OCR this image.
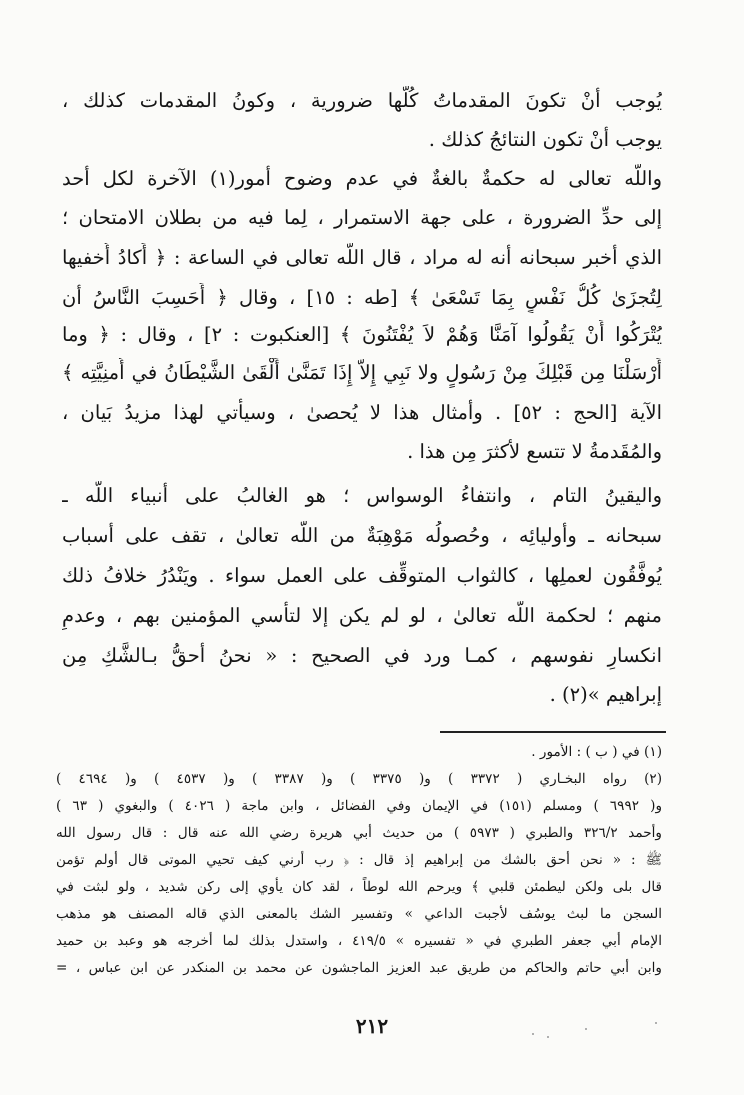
يُوجب أنْ تكونَ المقدماتُ كُلُّها ضرورية ، وكونُ المقدمات كذلك ،
يوجب أنْ تكون النتائجُ كذلك .
واللّه تعالى له حكمةٌ بالغةٌ في عدم وضوح أمور(١) الآخرة لكل أحد
إلى حدِّ الضرورة ، على جهة الاستمرار ، لِما فيه من بطلان الامتحان ؛
الذي أخبر سبحانه أنه له مراد ، قال اللّه تعالى في الساعة : ﴿ أَكادُ أُخفيها
لِتُجزَىٰ كُلُّ نَفْسٍ بِمَا تَسْعَىٰ ﴾ [طه : ١٥] ، وقال ﴿ أَحَسِبَ النَّاسُ أن
يُتْرَكُوا أَنْ يَقُولُوا آمَنَّا وَهُمْ لاَ يُفْتَنُونَ ﴾ [العنكبوت : ٢] ، وقال : ﴿ وما
أَرْسَلْنَا مِن قَبْلِكَ مِنْ رَسُولٍ ولا نَبِي إِلاّ إِذَا تَمَنَّىٰ أَلْقَىٰ الشَّيْطَانُ في أُمنِيَّتِه ﴾
الآية [الحج : ٥٢] . وأمثال هذا لا يُحصىٰ ، وسيأتي لهذا مزيدُ بَيان ،
والمُقَدمةُ لا تتسع لأكثرَ مِن هذا .
واليقينُ التام ، وانتفاءُ الوسواس ؛ هو الغالبُ على أنبياء اللّه ـ
سبحانه ـ وأوليائِه ، وحُصولُه مَوْهِبَةٌ من اللّه تعالىٰ ، تقف على أسباب
يُوفَّقُون لعملِها ، كالثواب المتوقِّف على العمل سواء . ويَنْدُرُ خلافُ ذلك
منهم ؛ لحكمة اللّه تعالىٰ ، لو لم يكن إلا لتأسي المؤمنين بهم ، وعدمِ
انكسارِ نفوسهم ، كمـا ورد في الصحيح : « نحنُ أحقُّ بـالشَّكِ مِن
إبراهيم »(٢) .
(١) في ( ب ) : الأمور .
(٢) رواه البخـاري ( ٣٣٧٢ ) و( ٣٣٧٥ ) و( ٣٣٨٧ ) و( ٤٥٣٧ ) و( ٤٦٩٤ )
و( ٦٩٩٢ ) ومسلم (١٥١) في الإيمان وفي الفضائل ، وابن ماجة ( ٤٠٢٦ ) والبغوي ( ٦٣ )
وأحمد ٣٢٦/٢ والطبري ( ٥٩٧٣ ) من حديث أبي هريرة رضي الله عنه قال : قال رسول الله
ﷺ : « نحن أحق بالشك من إبراهيم إذ قال : ﴿ رب أرني كيف تحيي الموتى قال أولم تؤمن
قال بلى ولكن ليطمئن قلبي ﴾ ويرحم الله لوطاً ، لقد كان يأوي إلى ركن شديد ، ولو لبثت في
السجن ما لبث يوسُف لأجبت الداعي » وتفسير الشك بالمعنى الذي قاله المصنف هو مذهب
الإمام أبي جعفر الطبري في « تفسيره » ٤١٩/٥ ، واستدل بذلك لما أخرجه هو وعبد بن حميد
وابن أبي حاتم والحاكم من طريق عبد العزيز الماجشون عن محمد بن المنكدر عن ابن عباس ، =
٢١٢
